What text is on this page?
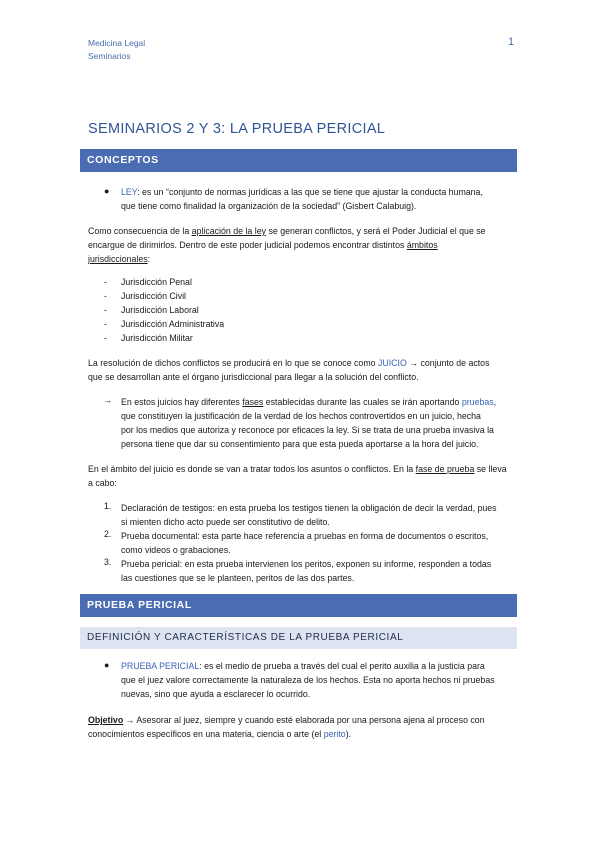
Medicina Legal
Seminarios
1
SEMINARIOS 2 Y 3: LA PRUEBA PERICIAL
CONCEPTOS
● LEY: es un “conjunto de normas jurídicas a las que se tiene que ajustar la conducta humana,
que tiene como finalidad la organización de la sociedad” (Gisbert Calabuig).
Como consecuencia de la aplicación de la ley se generan conflictos, y será el Poder Judicial el que se
encargue de dirimirlos. Dentro de este poder judicial podemos encontrar distintos ámbitos
jurisdiccionales:
- Jurisdicción Penal
- Jurisdicción Civil
- Jurisdicción Laboral
- Jurisdicción Administrativa
- Jurisdicción Militar
La resolución de dichos conflictos se producirá en lo que se conoce como JUICIO → conjunto de actos
que se desarrollan ante el órgano jurisdiccional para llegar a la solución del conflicto.
→ En estos juicios hay diferentes fases establecidas durante las cuales se irán aportando pruebas,
que constituyen la justificación de la verdad de los hechos controvertidos en un juicio, hecha
por los medios que autoriza y reconoce por eficaces la ley. Si se trata de una prueba invasiva la
persona tiene que dar su consentimiento para que esta pueda aportarse a la hora del juicio.
En el ámbito del juicio es donde se van a tratar todos los asuntos o conflictos. En la fase de prueba se lleva
a cabo:
1. Declaración de testigos: en esta prueba los testigos tienen la obligación de decir la verdad, pues
si mienten dicho acto puede ser constitutivo de delito.
2. Prueba documental: esta parte hace referencia a pruebas en forma de documentos o escritos,
como videos o grabaciones.
3. Prueba pericial: en esta prueba intervienen los peritos, exponen su informe, responden a todas
las cuestiones que se le planteen, peritos de las dos partes.
PRUEBA PERICIAL
DEFINICIÓN Y CARACTERÍSTICAS DE LA PRUEBA PERICIAL
● PRUEBA PERICIAL: es el medio de prueba a través del cual el perito auxilia a la justicia para
que el juez valore correctamente la naturaleza de los hechos. Esta no aporta hechos ni pruebas
nuevas, sino que ayuda a esclarecer lo ocurrido.
Objetivo → Asesorar al juez, siempre y cuando esté elaborada por una persona ajena al proceso con
conocimientos específicos en una materia, ciencia o arte (el perito).
